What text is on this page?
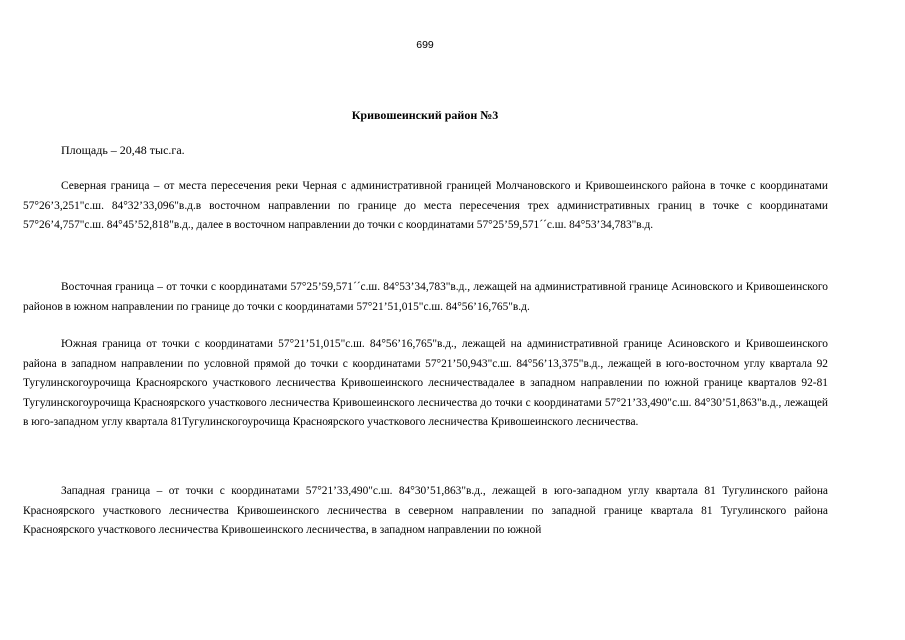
699
Кривошеинский район №3
Площадь – 20,48 тыс.га.

Северная граница – от места пересечения реки Черная с административной границей Молчановского и Кривошеинского района в точке с координатами 57°26’3,251"с.ш. 84°32’33,096"в.д.в восточном направлении по границе до места пересечения трех административных границ в точке с координатами 57°26’4,757"с.ш. 84°45’52,818"в.д., далее в восточном направлении до точки с координатами 57°25’59,571´´с.ш. 84°53’34,783"в.д.

Восточная граница – от точки с координатами 57°25’59,571´´с.ш. 84°53’34,783"в.д., лежащей на административной границе Асиновского и Кривошеинского районов в южном направлении по границе до точки с координатами 57°21’51,015"с.ш. 84°56’16,765"в.д.

Южная граница от точки с координатами 57°21’51,015"с.ш. 84°56’16,765"в.д., лежащей на административной границе Асиновского и Кривошеинского района в западном направлении по условной прямой до точки с координатами 57°21’50,943"с.ш. 84°56’13,375"в.д., лежащей в юго-восточном углу квартала 92 Тугулинскогоурочища Красноярского участкового лесничества Кривошеинского лесничествадалее в западном направлении по южной границе кварталов 92-81 Тугулинскогоурочища Красноярского участкового лесничества Кривошеинского лесничества до точки с координатами 57°21’33,490"с.ш. 84°30’51,863"в.д., лежащей в юго-западном углу квартала 81Тугулинскогоурочища Красноярского участкового лесничества Кривошеинского лесничества.

Западная граница – от точки с координатами 57°21’33,490"с.ш. 84°30’51,863"в.д., лежащей в юго-западном углу квартала 81 Тугулинского района Красноярского участкового лесничества Кривошеинского лесничества в северном направлении по западной границе квартала 81 Тугулинского района Красноярского участкового лесничества Кривошеинского лесничества, в западном направлении по южной
